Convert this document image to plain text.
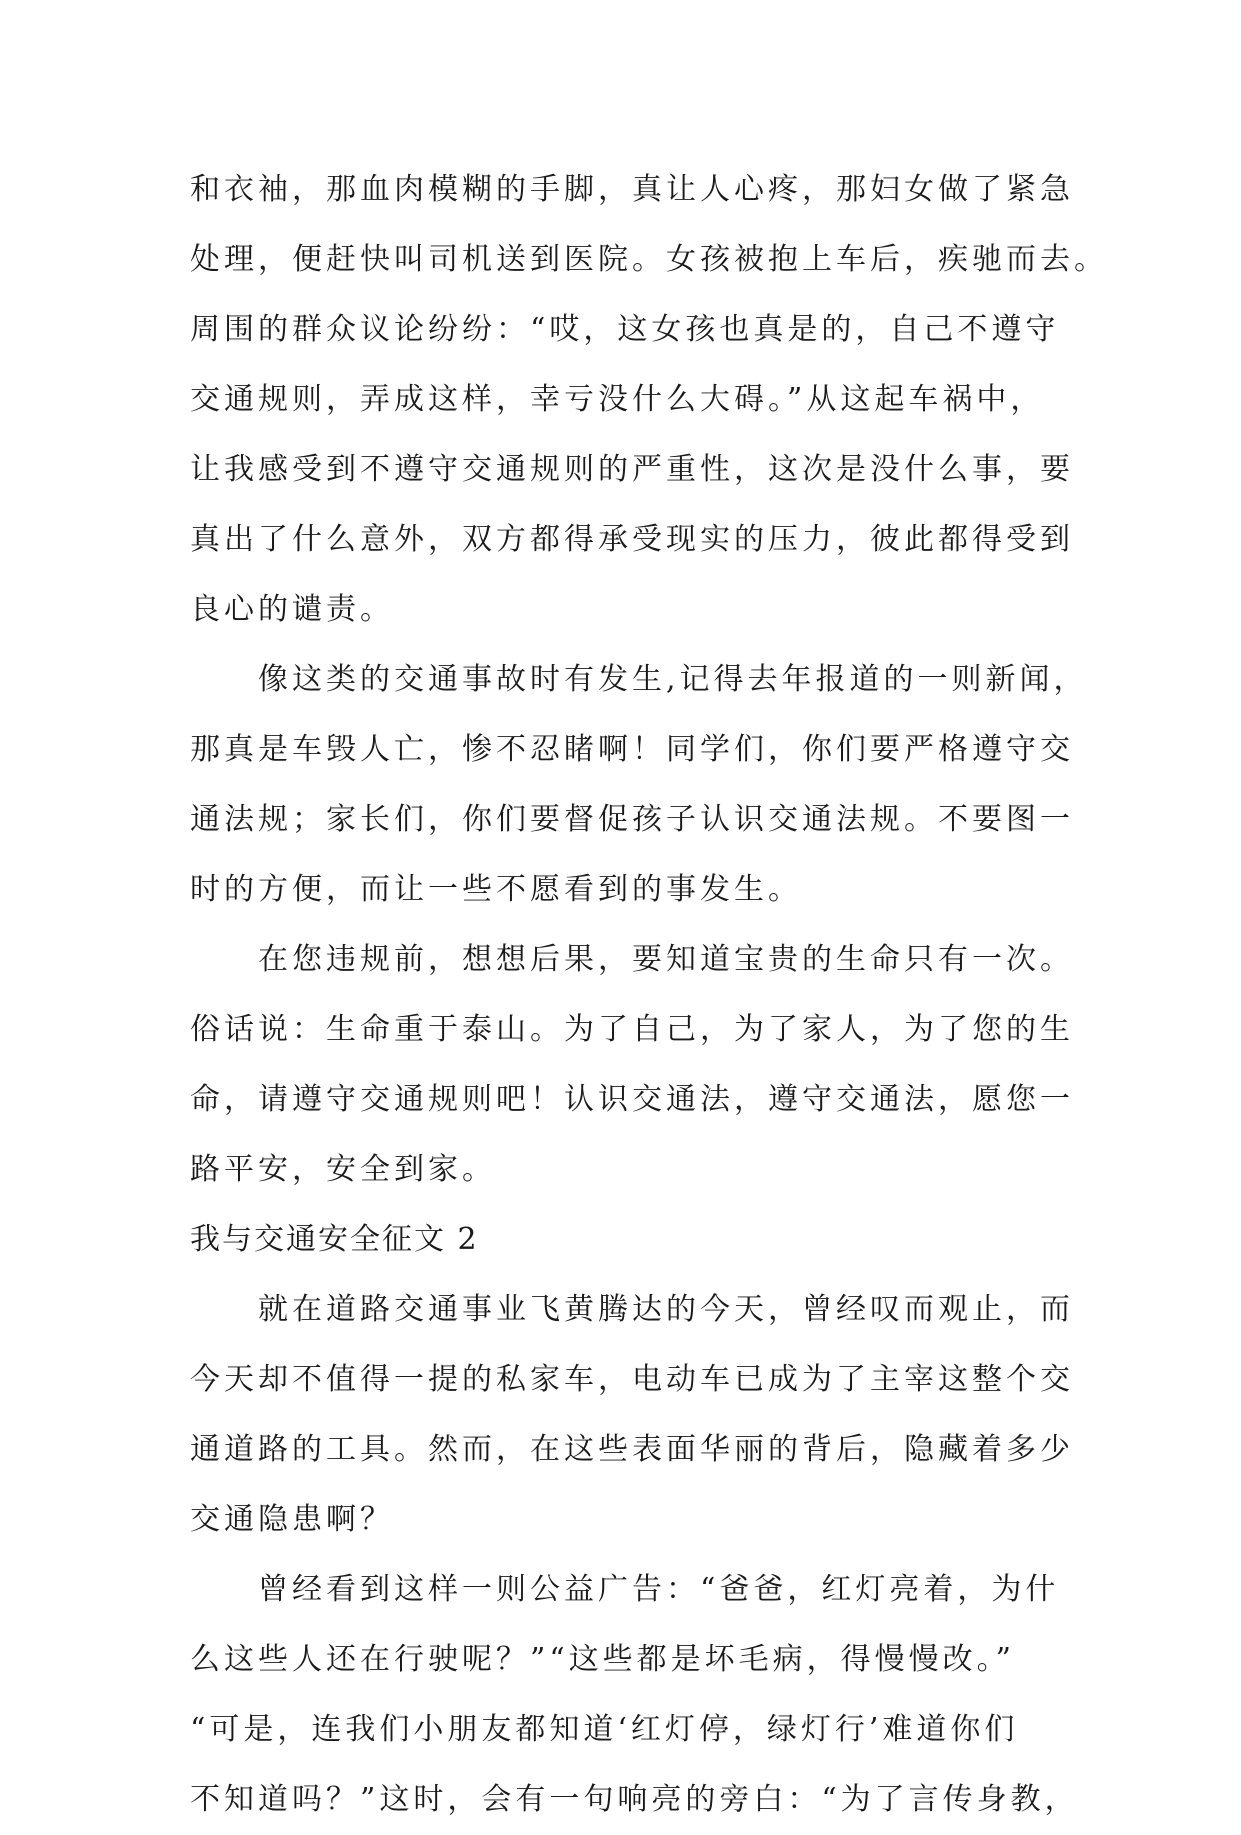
和衣袖，那血肉模糊的手脚，真让人心疼，那妇女做了紧急
处理，便赶快叫司机送到医院。女孩被抱上车后，疾驰而去。
周围的群众议论纷纷：“哎，这女孩也真是的，自己不遵守
交通规则，弄成这样，幸亏没什么大碍。”从这起车祸中，
让我感受到不遵守交通规则的严重性，这次是没什么事，要
真出了什么意外，双方都得承受现实的压力，彼此都得受到
良心的谴责。
像这类的交通事故时有发生,记得去年报道的一则新闻，
那真是车毁人亡，惨不忍睹啊！同学们，你们要严格遵守交
通法规；家长们，你们要督促孩子认识交通法规。不要图一
时的方便，而让一些不愿看到的事发生。
在您违规前，想想后果，要知道宝贵的生命只有一次。
俗话说：生命重于泰山。为了自己，为了家人，为了您的生
命，请遵守交通规则吧！认识交通法，遵守交通法，愿您一
路平安，安全到家。
我与交通安全征文 2
就在道路交通事业飞黄腾达的今天，曾经叹而观止，而
今天却不值得一提的私家车，电动车已成为了主宰这整个交
通道路的工具。然而，在这些表面华丽的背后，隐藏着多少
交通隐患啊？
曾经看到这样一则公益广告：“爸爸，红灯亮着，为什
么这些人还在行驶呢？”“这些都是坏毛病，得慢慢改。”
“可是，连我们小朋友都知道‘红灯停，绿灯行’难道你们
不知道吗？”这时，会有一句响亮的旁白：“为了言传身教，
